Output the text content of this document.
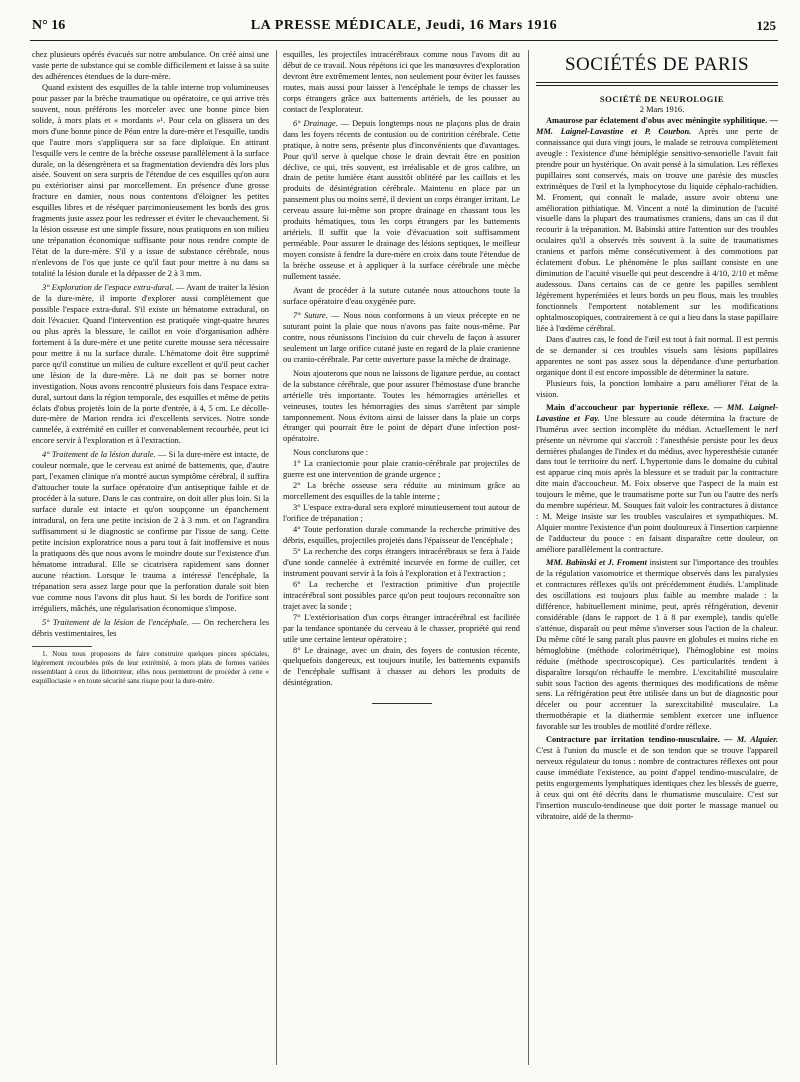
N° 16	LA PRESSE MÉDICALE, Jeudi, 16 Mars 1916	125

chez plusieurs opérés évacués sur notre ambulance. On créé ainsi une vaste perte de substance qui se comble difficilement et laisse à sa suite des adhérences étendues de la dure-mère.

Quand existent des esquilles de la table interne trop volumineuses pour passer par la brèche traumatique ou opératoire, ce qui arrive très souvent, nous préférons les morceler avec une bonne pince bien solide, à mors plats et « mordants »¹. Pour cela on glissera un des mors d'une bonne pince de Péan entre la dure-mère et l'esquille, tandis que l'autre mors s'appliquera sur sa face diploïque. En attirant l'esquille vers le centre de la brèche osseuse parallèlement à la surface durale, on la désengrènera et sa fragmentation deviendra dès lors plus aisée. Souvent on sera surpris de l'étendue de ces esquilles qu'on aura pu extérioriser ainsi par morcellement. En présence d'une grosse fracture en damier, nous nous contentons d'éloigner les petites esquilles libres et de réséquer parcimonieusement les bords des gros fragments juste assez pour les redresser et éviter le chevauchement. Si la lésion osseuse est une simple fissure, nous pratiquons en son milieu une trépanation économique suffisante pour nous rendre compte de l'état de la dure-mère. S'il y a issue de substance cérébrale, nous n'enlevons de l'os que juste ce qu'il faut pour mettre à nu dans sa totalité la lésion durale et la dépasser de 2 à 3 mm.

3° Exploration de l'espace extra-dural. — Avant de traiter la lésion de la dure-mère, il importe d'explorer aussi complètement que possible l'espace extra-dural. S'il existe un hématome extradural, on doit l'évacuer. Quand l'intervention est pratiquée vingt-quatre heures ou plus après la blessure, le caillot en voie d'organisation adhère fortement à la dure-mère et une petite curette mousse sera nécessaire pour mettre à nu la surface durale. L'hématome doit être supprimé parce qu'il constitue un milieu de culture excellent et qu'il peut cacher une lésion de la dure-mère. Là ne doit pas se borner notre investigation. Nous avons rencontré plusieurs fois dans l'espace extra-dural, surtout dans la région temporale, des esquilles et même de petits éclats d'obus projetés loin de la porte d'entrée, à 4, 5 cm. Le décolle-dure-mère de Marion rendra ici d'excellents services. Notre sonde cannelée, à extrémité en cuiller et convenablement recourbée, peut ici encore servir à l'exploration et à l'extraction.

4° Traitement de la lésion durale. — Si la dure-mère est intacte, de couleur normale, que le cerveau est animé de battements, que, d'autre part, l'examen clinique n'a montré aucun symptôme cérébral, il suffira d'attoucher toute la surface opératoire d'un antiseptique faible et de procéder à la suture. Dans le cas contraire, on doit aller plus loin. Si la surface durale est intacte et qu'on soupçonne un épanchement intradural, on fera une petite incision de 2 à 3 mm. et on l'agrandira suffisamment si le diagnostic se confirme par l'issue de sang. Cette petite incision exploratrice nous a paru tout à fait inoffensive et nous la pratiquons dès que nous avons le moindre doute sur l'existence d'un hématome intradural. Elle se cicatrisera rapidement sans donner aucune réaction. Lorsque le trauma a intéressé l'encéphale, la trépanation sera assez large pour que la perforation durale soit bien vue comme nous l'avons dit plus haut. Si les bords de l'orifice sont irréguliers, mâchés, une régularisation économique s'impose.

5° Traitement de la lésion de l'encéphale. — On recherchera les débris vestimentaires, les

1. Nous nous proposons de faire construire quelques pinces spéciales, légèrement recourbées près de leur extrémité, à mors plats de formes variées ressemblant à ceux du lithotriteur, elles nous permettront de procéder à cette « esquillociasie » en toute sécurité sans risque pour la dure-mère.

esquilles, les projectiles intracérébraux comme nous l'avons dit au début de ce travail. Nous répétons ici que les manœuvres d'exploration devront être extrêmement lentes, non seulement pour éviter les fausses routes, mais aussi pour laisser à l'encéphale le temps de chasser les corps étrangers grâce aux battements artériels, de les pousser au contact de l'explorateur.

6° Drainage. — Depuis longtemps nous ne plaçons plus de drain dans les foyers récents de contusion ou de contrition cérébrale. Cette pratique, à notre sens, présente plus d'inconvénients que d'avantages. Pour qu'il serve à quelque chose le drain devrait être en position déclive, ce qui, très souvent, est irréalisable et de gros calibre, un drain de petite lumière étant aussitôt oblitéré par les caillots et les produits de désintégration cérébrale. Maintenu en place par un pansement plus ou moins serré, il devient un corps étranger irritant. Le cerveau assure lui-même son propre drainage en chassant tous les produits hématiques, tous les corps étrangers par les battements artériels. Il suffit que la voie d'évacuation soit suffisamment perméable. Pour assurer le drainage des lésions septiques, le meilleur moyen consiste à fendre la dure-mère en croix dans toute l'étendue de la brèche osseuse et à appliquer à la surface cérébrale une mèche nullement tassée.

Avant de procéder à la suture cutanée nous attouchons toute la surface opératoire d'eau oxygénée pure.

7° Suture. — Nous nous conformons à un vieux précepte en ne suturant point la plaie que nous n'avons pas faite nous-même. Par contre, nous réunissons l'incision du cuir chevelu de façon à assurer seulement un large orifice cutané juste en regard de la plaie cranienne ou cranio-cérébrale. Par cette ouverture passe la mèche de drainage.

Nous ajouterons que nous ne laissons de ligature perdue, au contact de la substance cérébrale, que pour assurer l'hémostase d'une branche artérielle très importante. Toutes les hémorragies artérielles et veineuses, toutes les hémorragies des sinus s'arrêtent par simple tamponnement. Nous évitons ainsi de laisser dans la plaie un corps étranger qui pourrait être le point de départ d'une infection post-opératoire.

Nous conclurons que :

1° La craniectomie pour plaie cranio-cérébrale par projectiles de guerre est une intervention de grande urgence ;

2° La brèche osseuse sera réduite au minimum grâce au morcellement des esquilles de la table interne ;

3° L'espace extra-dural sera exploré minutieusement tout autour de l'orifice de trépanation ;

4° Toute perforation durale commande la recherche primitive des débris, esquilles, projectiles projetés dans l'épaisseur de l'encéphale ;

5° La recherche des corps étrangers intracérébraux se fera à l'aide d'une sonde cannelée à extrémité incurvée en forme de cuiller, cet instrument pouvant servir à la fois à l'exploration et à l'extraction ;

6° La recherche et l'extraction primitive d'un projectile intracérébral sont possibles parce qu'on peut toujours reconnaître son trajet avec la sonde ;

7° L'extériorisation d'un corps étranger intracérébral est facilitée par la tendance spontanée du cerveau à le chasser, propriété qui rend utile une certaine lenteur opératoire ;

8° Le drainage, avec un drain, des foyers de contusion récente, quelquefois dangereux, est toujours inutile, les battements expansifs de l'encéphale suffisant à chasser au dehors les produits de désintégration.

SOCIÉTÉS DE PARIS

SOCIÉTÉ DE NEUROLOGIE

2 Mars 1916.

Amaurose par éclatement d'obus avec méningite syphilitique. — MM. Laignel-Lavastine et P. Courbon. Après une perte de connaissance qui dura vingt jours, le malade se retrouva complètement aveugle : l'existence d'une hémiplégie sensitivo-sensorielle l'avait fait prendre pour un hystérique. On avait pensé à la simulation. Les réflexes pupillaires sont conservés, mais on trouve une parésie des muscles extrinsèques de l'œil et la lymphocytose du liquide céphalo-rachidien. M. Froment, qui connaît le malade, assure avoir obtenu une amélioration pithiatique. M. Vincent a noté la diminution de l'acuité visuelle dans la plupart des traumatismes craniens, dans un cas il dut recourir à la trépanation. M. Babinski attire l'attention sur des troubles oculaires qu'il a observés très souvent à la suite de traumatismes craniens et parfois même consécutivement à des commotions par éclatement d'obus. Le phénomène le plus saillant consiste en une diminution de l'acuité visuelle qui peut descendre à 4/10, 2/10 et même audessous. Dans certains cas de ce genre les papilles semblent légèrement hyperémiées et leurs bords un peu flous, mais les troubles fonctionnels l'emportent notablement sur les modifications ophtalmoscopiques, contrairement à ce qui a lieu dans la stase papillaire liée à l'œdème cérébral.

Dans d'autres cas, le fond de l'œil est tout à fait normal. Il est permis de se demander si ces troubles visuels sans lésions papillaires apparentes ne sont pas assez sous la dépendance d'une perturbation organique dont il est encore impossible de déterminer la nature.

Plusieurs fois, la ponction lombaire a paru améliorer l'état de la vision.

Main d'accoucheur par hypertonie réflexe. — MM. Laignel-Lavastine et Fay. Une blessure au coude détermina la fracture de l'humérus avec section incomplète du médian. Actuellement le nerf présente un névrome qui s'accroît : l'anesthésie persiste pour les deux dernières phalanges de l'index et du médius, avec hyperesthésie cutanée dans tout le territoire du nerf. L'hypertonie dans le domaine du cubital est apparue cinq mois après la blessure et se traduit par la contracture dite main d'accoucheur. M. Foix observe que l'aspect de la main est toujours le même, que le traumatisme porte sur l'un ou l'autre des nerfs du membre supérieur. M. Souques fait valoir les contractures à distance : M. Meige insiste sur les troubles vasculaires et sympathiques. M. Alquier montre l'existence d'un point douloureux à l'insertion carpienne de l'adducteur du pouce : en faisant disparaître cette douleur, on améliore parallèlement la contracture.

MM. Babinski et J. Froment insistent sur l'importance des troubles de la régulation vasomotrice et thermique observés dans les paralysies et contractures réflexes qu'ils ont précédemment étudiés. L'amplitude des oscillations est toujours plus faible au membre malade : la différence, habituellement minime, peut, après réfrigération, devenir considérable (dans le rapport de 1 à 8 par exemple), tandis qu'elle s'atténue, disparaît ou peut même s'inverser sous l'action de la chaleur. Du même côté le sang paraît plus pauvre en globules et moins riche en hémoglobine (méthode colorimétrique), l'hémoglobine est moins réduite (méthode spectroscopique). Ces particularités tendent à disparaître lorsqu'on réchauffe le membre. L'excitabilité musculaire subit sous l'action des agents thermiques des modifications de même sens. La réfrigération peut être utilisée dans un but de diagnostic pour déceler ou pour accentuer la surexcitabilité musculaire. La thermothérapie et la diathermie semblent exercer une influence favorable sur les troubles de motilité d'ordre réflexe.

Contracture par irritation tendino-musculaire. — M. Alquier. C'est à l'union du muscle et de son tendon que se trouve l'appareil nerveux régulateur du tonus : nombre de contractures réflexes ont pour cause immédiate l'existence, au point d'appel tendino-musculaire, de petits engorgements lymphatiques identiques chez les blessés de guerre, à ceux qui ont été décrits dans le rhumatisme musculaire. C'est sur l'insertion musculo-tendineuse que doit porter le massage manuel ou vibratoire, aidé de la thermo-
